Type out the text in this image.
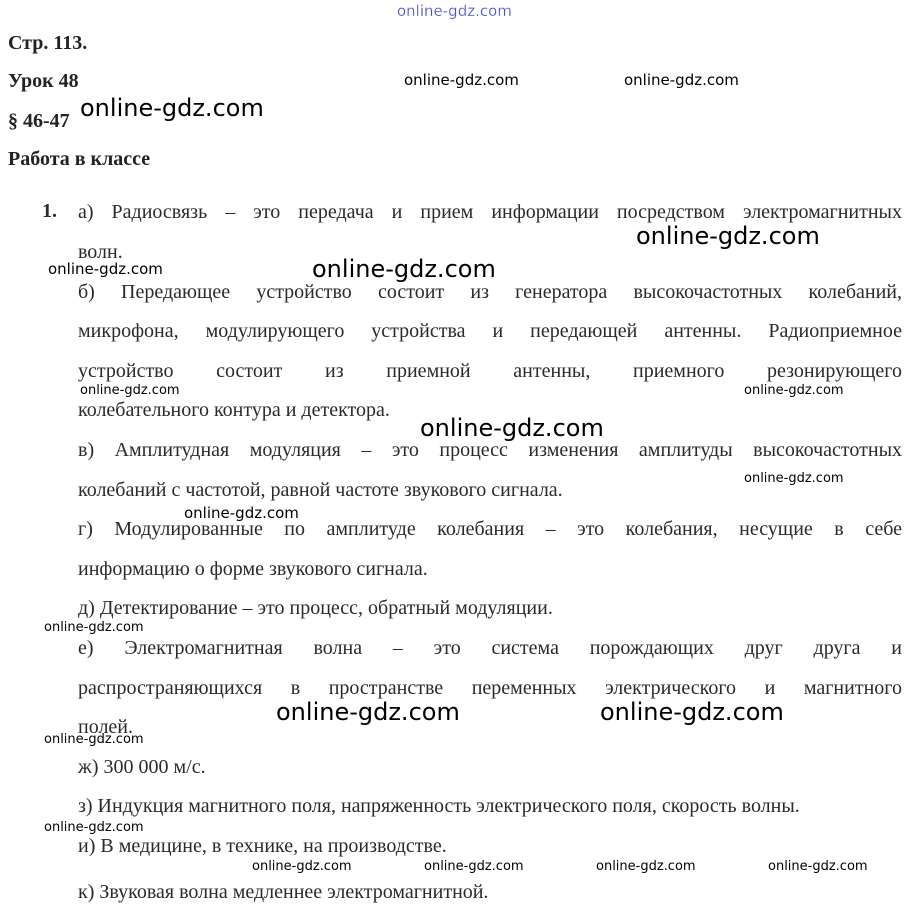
Стр. 113.
Урок 48
§ 46-47
Работа в классе
1. а) Радиосвязь – это передача и прием информации посредством электромагнитных
волн.
б) Передающее устройство состоит из генератора высокочастотных колебаний,
микрофона, модулирующего устройства и передающей антенны. Радиоприемное
устройство состоит из приемной антенны, приемного резонирующего
колебательного контура и детектора.
в) Амплитудная модуляция – это процесс изменения амплитуды высокочастотных
колебаний с частотой, равной частоте звукового сигнала.
г) Модулированные по амплитуде колебания – это колебания, несущие в себе
информацию о форме звукового сигнала.
д) Детектирование – это процесс, обратный модуляции.
е) Электромагнитная волна – это система порождающих друг друга и
распространяющихся в пространстве переменных электрического и магнитного
полей.
ж) 300 000 м/с.
з) Индукция магнитного поля, напряженность электрического поля, скорость волны.
и) В медицине, в технике, на производстве.
к) Звуковая волна медленнее электромагнитной.
online-gdz.com
online-gdz.com	online-gdz.com
online-gdz.com
online-gdz.com
online-gdz.com	online-gdz.com
online-gdz.com	online-gdz.com
online-gdz.com
online-gdz.com
online-gdz.com
online-gdz.com
online-gdz.com	online-gdz.com
online-gdz.com
online-gdz.com
online-gdz.com	online-gdz.com	online-gdz.com	online-gdz.com
